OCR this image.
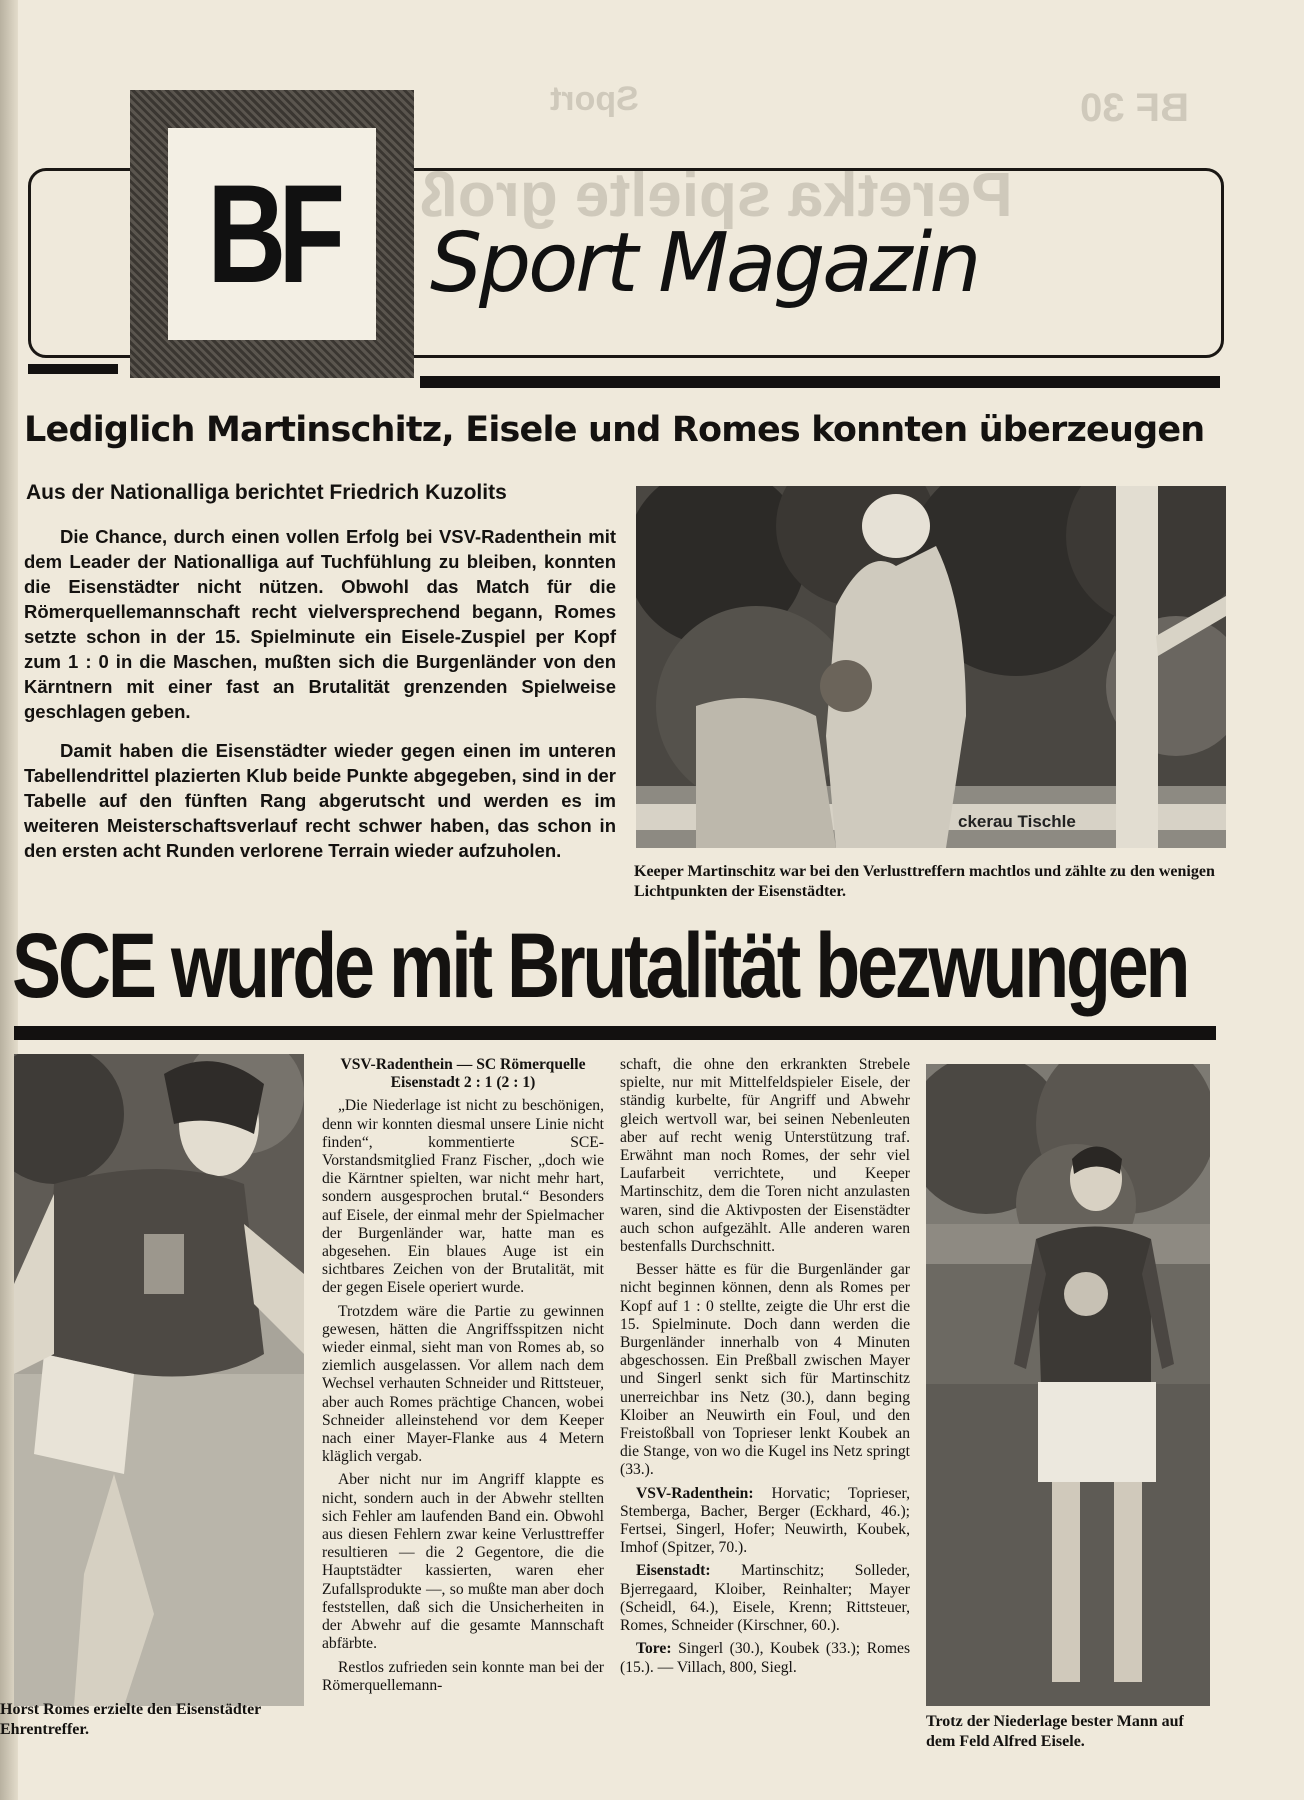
Sport	BF 30
Peretka spielte groß
BF Sport Magazin
Lediglich Martinschitz, Eisele und Romes konnten überzeugen
Aus der Nationalliga berichtet Friedrich Kuzolits

Die Chance, durch einen vollen Erfolg bei VSV-Radenthein mit dem Leader der Nationalliga auf Tuchfühlung zu bleiben, konnten die Eisenstädter nicht nützen. Obwohl das Match für die Römerquellemannschaft recht vielversprechend begann, Romes setzte schon in der 15. Spielminute ein Eisele-Zuspiel per Kopf zum 1 : 0 in die Maschen, mußten sich die Burgenländer von den Kärntnern mit einer fast an Brutalität grenzenden Spielweise geschlagen geben.

Damit haben die Eisenstädter wieder gegen einen im unteren Tabellendrittel plazierten Klub beide Punkte abgegeben, sind in der Tabelle auf den fünften Rang abgerutscht und werden es im weiteren Meisterschaftsverlauf recht schwer haben, das schon in den ersten acht Runden verlorene Terrain wieder aufzuholen.

ckerau Tischle
Keeper Martinschitz war bei den Verlusttreffern machtlos und zählte zu den wenigen Lichtpunkten der Eisenstädter.
SCE wurde mit Brutalität bezwungen
Horst Romes erzielte den Eisenstädter Ehrentreffer.	Trotz der Niederlage bester Mann auf dem Feld Alfred Eisele.

VSV-Radenthein — SC Römerquelle Eisenstadt 2 : 1 (2 : 1)

„Die Niederlage ist nicht zu beschönigen, denn wir konnten diesmal unsere Linie nicht finden“, kommentierte SCE-Vorstandsmitglied Franz Fischer, „doch wie die Kärntner spielten, war nicht mehr hart, sondern ausgesprochen brutal.“ Besonders auf Eisele, der einmal mehr der Spielmacher der Burgenländer war, hatte man es abgesehen. Ein blaues Auge ist ein sichtbares Zeichen von der Brutalität, mit der gegen Eisele operiert wurde.

Trotzdem wäre die Partie zu gewinnen gewesen, hätten die Angriffsspitzen nicht wieder einmal, sieht man von Romes ab, so ziemlich ausgelassen. Vor allem nach dem Wechsel verhauten Schneider und Rittsteuer, aber auch Romes prächtige Chancen, wobei Schneider alleinstehend vor dem Keeper nach einer Mayer-Flanke aus 4 Metern kläglich vergab.

Aber nicht nur im Angriff klappte es nicht, sondern auch in der Abwehr stellten sich Fehler am laufenden Band ein. Obwohl aus diesen Fehlern zwar keine Verlusttreffer resultieren — die 2 Gegentore, die die Hauptstädter kassierten, waren eher Zufallsprodukte —, so mußte man aber doch feststellen, daß sich die Unsicherheiten in der Abwehr auf die gesamte Mannschaft abfärbte.

Restlos zufrieden sein konnte man bei der Römerquellemann-

schaft, die ohne den erkrankten Strebele spielte, nur mit Mittelfeldspieler Eisele, der ständig kurbelte, für Angriff und Abwehr gleich wertvoll war, bei seinen Nebenleuten aber auf recht wenig Unterstützung traf. Erwähnt man noch Romes, der sehr viel Laufarbeit verrichtete, und Keeper Martinschitz, dem die Toren nicht anzulasten waren, sind die Aktivposten der Eisenstädter auch schon aufgezählt. Alle anderen waren bestenfalls Durchschnitt.

Besser hätte es für die Burgenländer gar nicht beginnen können, denn als Romes per Kopf auf 1 : 0 stellte, zeigte die Uhr erst die 15. Spielminute. Doch dann werden die Burgenländer innerhalb von 4 Minuten abgeschossen. Ein Preßball zwischen Mayer und Singerl senkt sich für Martinschitz unerreichbar ins Netz (30.), dann beging Kloiber an Neuwirth ein Foul, und den Freistoßball von Toprieser lenkt Koubek an die Stange, von wo die Kugel ins Netz springt (33.).

VSV-Radenthein: Horvatic; Toprieser, Stemberga, Bacher, Berger (Eckhard, 46.); Fertsei, Singerl, Hofer; Neuwirth, Koubek, Imhof (Spitzer, 70.).

Eisenstadt: Martinschitz; Solleder, Bjerregaard, Kloiber, Reinhalter; Mayer (Scheidl, 64.), Eisele, Krenn; Rittsteuer, Romes, Schneider (Kirschner, 60.).

Tore: Singerl (30.), Koubek (33.); Romes (15.). — Villach, 800, Siegl.
